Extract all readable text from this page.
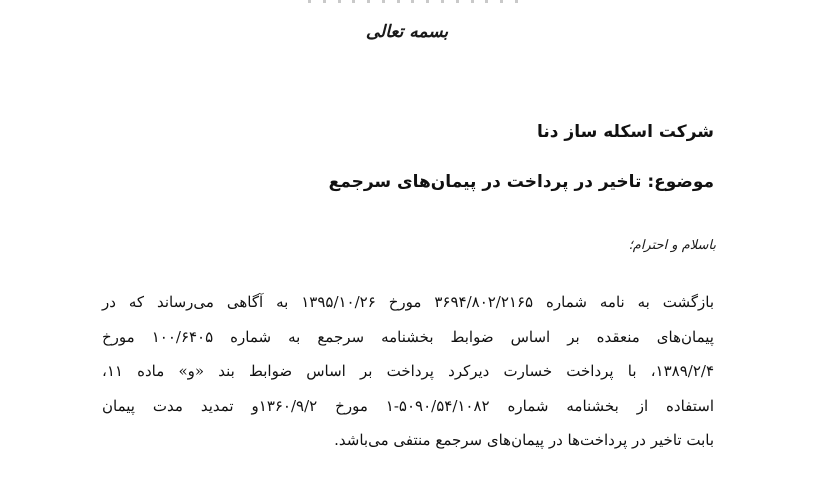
بسمه تعالی
شرکت اسکله ساز دنا
موضوع: تاخیر در پرداخت در پیمان‌های سرجمع
باسلام و احترام؛
بازگشت به نامه شماره ۳۶۹۴/۸۰۲/۲۱۶۵ مورخ ۱۳۹۵/۱۰/۲۶ به آگاهی می‌رساند که در
پیمان‌های منعقده بر اساس ضوابط بخشنامه سرجمع به شماره ۱۰۰/۶۴۰۵ مورخ
۱۳۸۹/۲/۴، با پرداخت خسارت دیرکرد پرداخت بر اساس ضوابط بند «و» ماده ۱۱،
استفاده از بخشنامه شماره ۵۰۹۰/۵۴/۱۰۸۲-۱ مورخ ۱۳۶۰/۹/۲و تمدید مدت پیمان
بابت تاخیر در پرداخت‌ها در پیمان‌های سرجمع منتفی می‌باشد.
